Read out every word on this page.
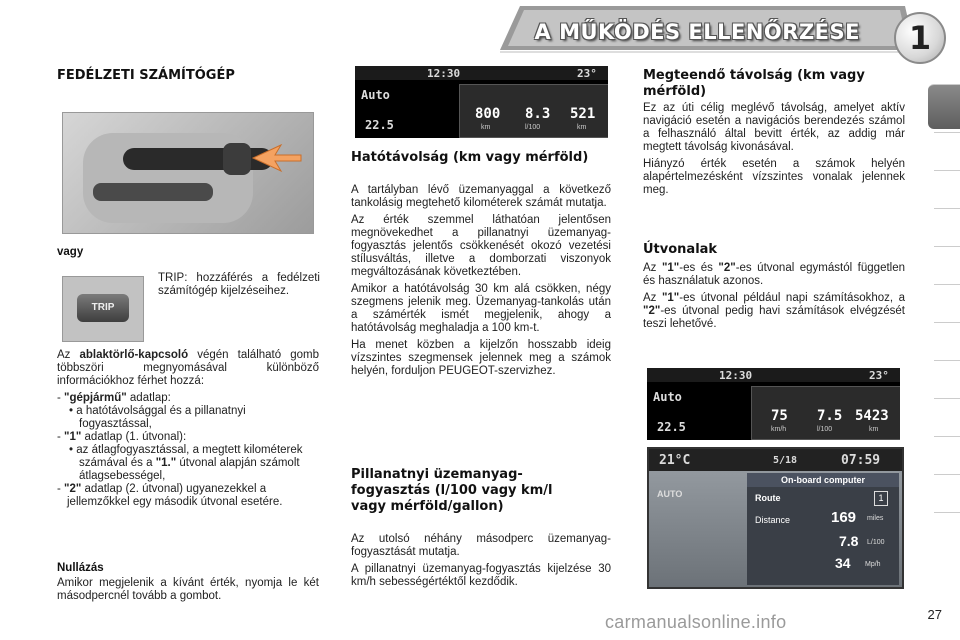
A MŰKÖDÉS ELLENŐRZÉSE	1
FEDÉLZETI SZÁMÍTÓGÉP
vagy
TRIP
TRIP: hozzáférés a fedélzeti számítógép kijelzéseihez.

Az ablaktörlő-kapcsoló végén található gomb többszöri megnyomásával különböző információkhoz férhet hozzá:

- "gépjármű" adatlap:

• a hatótávolsággal és a pillanatnyi fogyasztással,

- "1" adatlap (1. útvonal):

• az átlagfogyasztással, a megtett kilométerek számával és a "1." útvonal alapján számolt átlagsebességel,

- "2" adatlap (2. útvonal) ugyanezekkel a jellemzőkkel egy második útvonal esetére.

Nullázás
Amikor megjelenik a kívánt érték, nyomja le két másodpercnél tovább a gombot.
12:30	23°
Auto
22.5
800 8.3 521
km	l/100	km
Hatótávolság (km vagy mérföld)

A tartályban lévő üzemanyaggal a következő tankolásig megtehető kilométerek számát mutatja.

Az érték szemmel láthatóan jelentősen megnövekedhet a pillanatnyi üzemanyag-fogyasztás jelentős csökkenését okozó vezetési stílusváltás, illetve a domborzati viszonyok megváltozásának következtében.

Amikor a hatótávolság 30 km alá csökken, négy szegmens jelenik meg. Üzemanyag-tankolás után a számérték ismét megjelenik, ahogy a hatótávolság meghaladja a 100 km-t.

Ha menet közben a kijelzőn hosszabb ideig vízszintes szegmensek jelennek meg a számok helyén, forduljon PEUGEOT-szervizhez.

Pillanatnyi üzemanyag-fogyasztás (l/100 vagy km/l vagy mérföld/gallon)

Az utolsó néhány másodperc üzemanyag-fogyasztását mutatja.

A pillanatnyi üzemanyag-fogyasztás kijelzése 30 km/h sebességértéktől kezdődik.

Megteendő távolság (km vagy mérföld)

Ez az úti célig meglévő távolság, amelyet aktív navigáció esetén a navigációs berendezés számol a felhasználó által bevitt érték, az addig már megtett távolság kivonásával.

Hiányzó érték esetén a számok helyén alapértelmezésként vízszintes vonalak jelennek meg.

Útvonalak

Az "1"-es és "2"-es útvonal egymástól független és használatuk azonos.

Az "1"-es útvonal például napi számításokhoz, a "2"-es útvonal pedig havi számítások elvégzését teszi lehetővé.

12:30	23°
Auto
22.5
75 7.5 5423
km/h	l/100	km
21°C	5/18	07:59
AUTO
On-board computer
Route	1
Distance	169 miles
7.8 L/100
34 Mp/h
27
carmanualsonline.info
